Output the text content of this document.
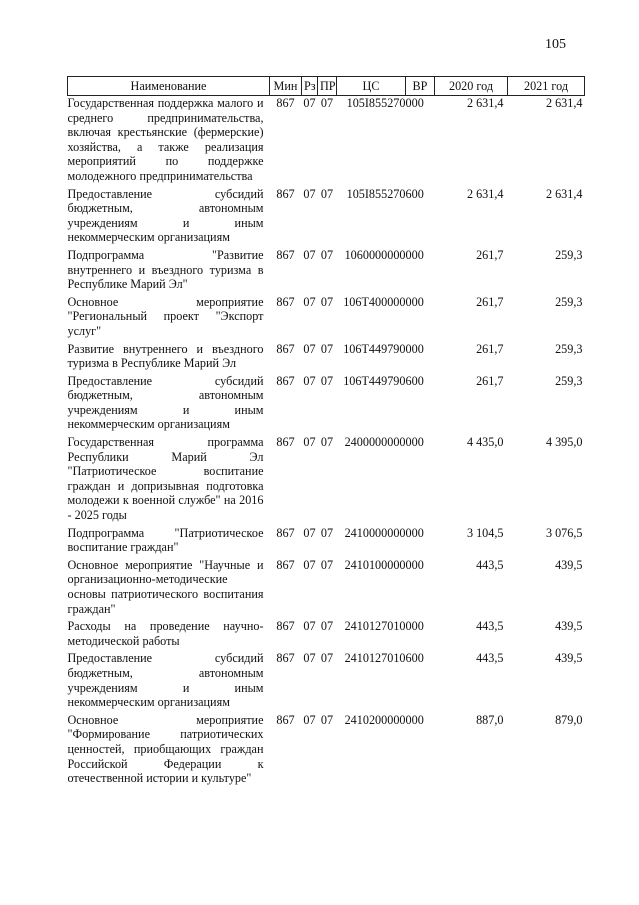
105
Наименование	Мин	Рз	ПР	ЦС	ВР	2020 год	2021 год
Государственная поддержка малого и среднего предпринимательства, включая крестьянские (фермерские) хозяйства, а также реализация мероприятий по поддержке молодежного предпринимательства	867	07	07	105I855270	000	2 631,4	2 631,4
Предоставление субсидий бюджетным, автономным учреждениям и иным некоммерческим организациям	867	07	07	105I855270	600	2 631,4	2 631,4
Подпрограмма "Развитие внутреннего и въездного туризма в Республике Марий Эл"	867	07	07	1060000000	000	261,7	259,3
Основное мероприятие "Региональный проект "Экспорт услуг"	867	07	07	106T400000	000	261,7	259,3
Развитие внутреннего и въездного туризма в Республике Марий Эл	867	07	07	106T449790	000	261,7	259,3
Предоставление субсидий бюджетным, автономным учреждениям и иным некоммерческим организациям	867	07	07	106T449790	600	261,7	259,3
Государственная программа Республики Марий Эл "Патриотическое воспитание граждан и допризывная подготовка молодежи к военной службе" на 2016 - 2025 годы	867	07	07	2400000000	000	4 435,0	4 395,0
Подпрограмма "Патриотическое воспитание граждан"	867	07	07	2410000000	000	3 104,5	3 076,5
Основное мероприятие "Научные и организационно-методические основы патриотического воспитания граждан"	867	07	07	2410100000	000	443,5	439,5
Расходы на проведение научно-методической работы	867	07	07	2410127010	000	443,5	439,5
Предоставление субсидий бюджетным, автономным учреждениям и иным некоммерческим организациям	867	07	07	2410127010	600	443,5	439,5
Основное мероприятие "Формирование патриотических ценностей, приобщающих граждан Российской Федерации к отечественной истории и культуре"	867	07	07	2410200000	000	887,0	879,0
